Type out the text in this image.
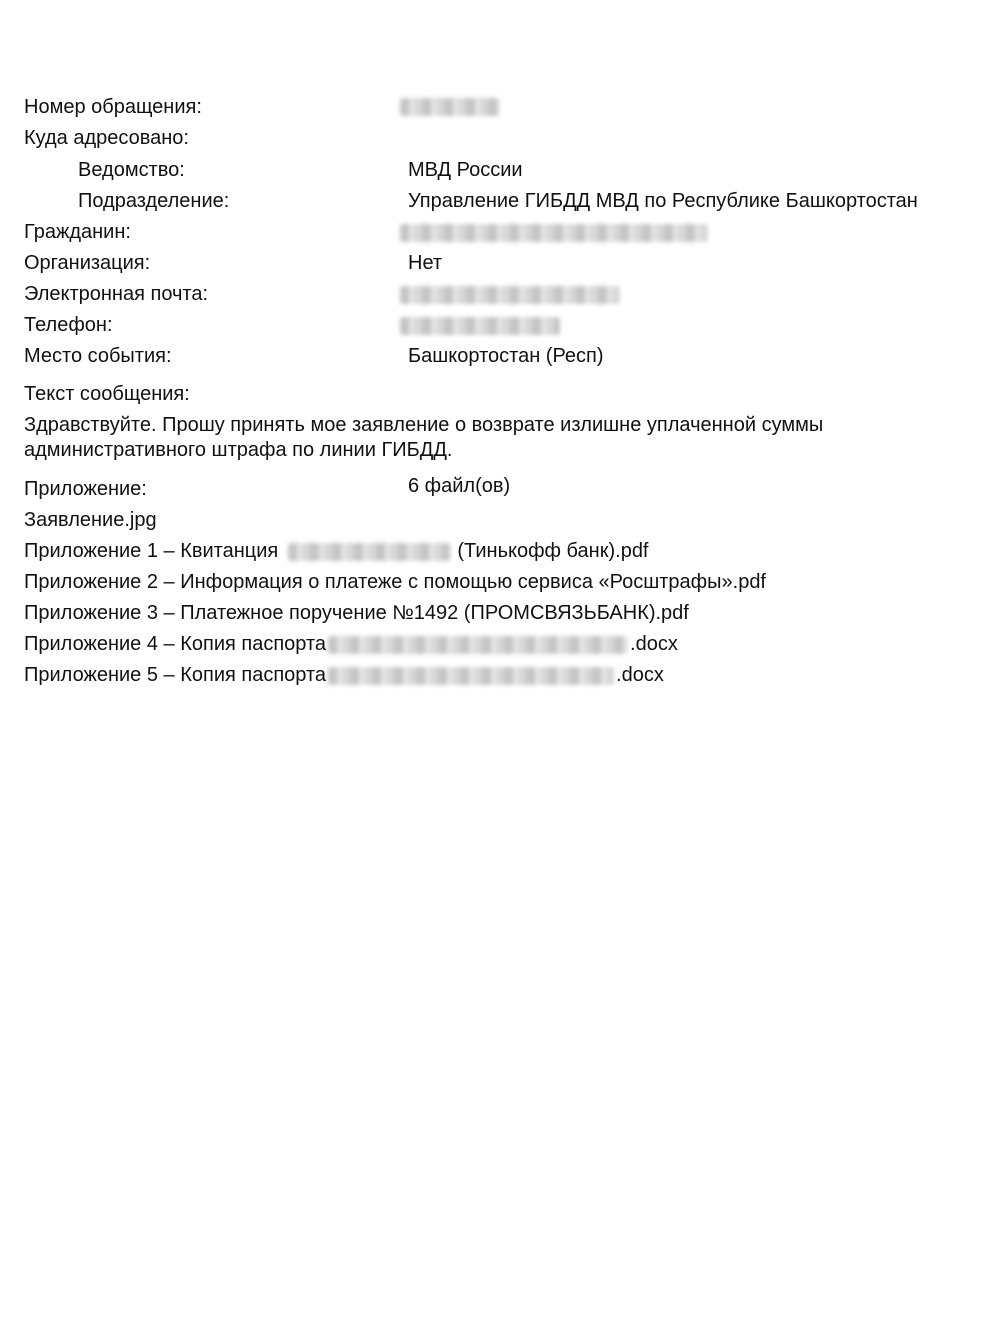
Номер обращения:
Куда адресовано:
Ведомство:	МВД России
Подразделение:	Управление ГИБДД МВД по Республике Башкортостан
Гражданин:
Организация:	Нет
Электронная почта:
Телефон:
Место события:	Башкортостан (Респ)
Текст сообщения:
Здравствуйте. Прошу принять мое заявление о возврате излишне уплаченной суммы административного штрафа по линии ГИБДД.
Приложение:	6 файл(ов)
Заявление.jpg
Приложение 1 – Квитанция	(Тинькофф банк).pdf
Приложение 2 – Информация о платеже с помощью сервиса «Росштрафы».pdf
Приложение 3 – Платежное поручение №1492 (ПРОМСВЯЗЬБАНК).pdf
Приложение 4 – Копия паспорта	.docx
Приложение 5 – Копия паспорта	.docx
